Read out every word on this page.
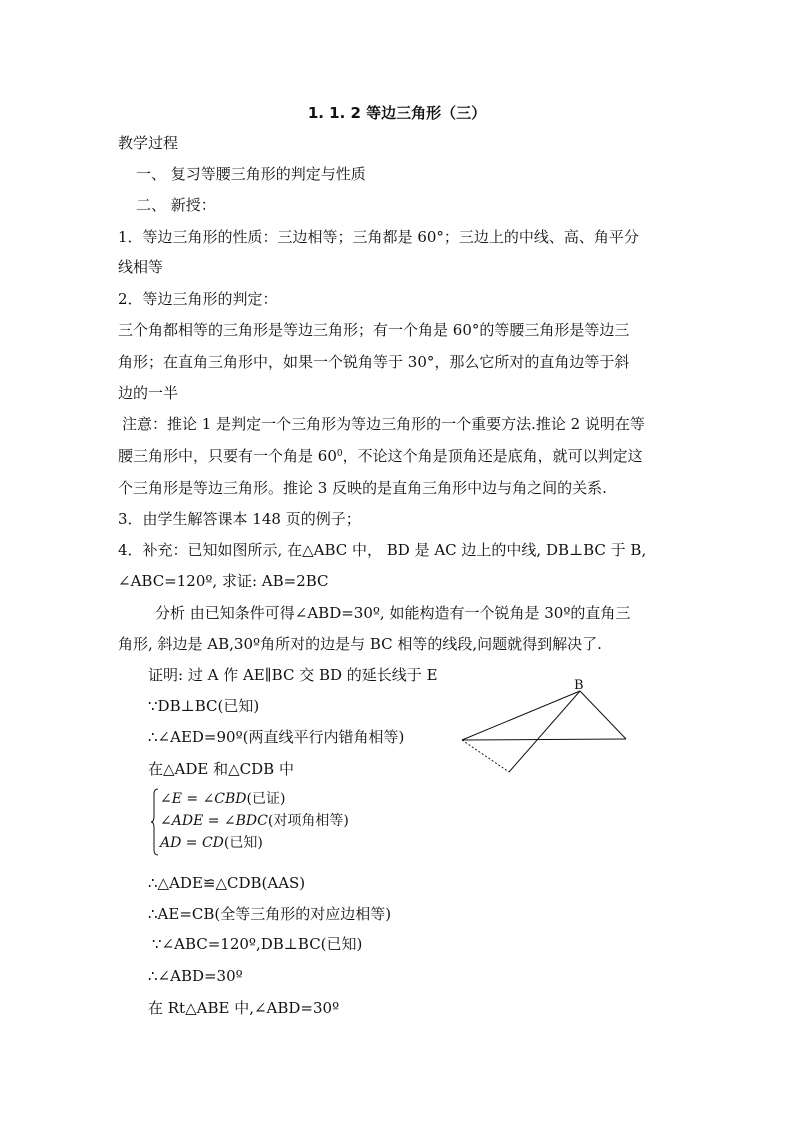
1. 1. 2 等边三角形（三）
教学过程
一、 复习等腰三角形的判定与性质
二、 新授：
1．等边三角形的性质：三边相等；三角都是 60°；三边上的中线、高、角平分
线相等
2．等边三角形的判定：
三个角都相等的三角形是等边三角形；有一个角是 60°的等腰三角形是等边三
角形；在直角三角形中，如果一个锐角等于 30°，那么它所对的直角边等于斜
边的一半
注意：推论 1 是判定一个三角形为等边三角形的一个重要方法.推论 2 说明在等
腰三角形中，只要有一个角是 $60^0$，不论这个角是顶角还是底角，就可以判定这
个三角形是等边三角形。推论 3 反映的是直角三角形中边与角之间的关系.
3．由学生解答课本 148 页的例子；
4．补充：已知如图所示, 在△ABC 中， BD 是 AC 边上的中线, DB⊥BC 于 B,
∠ABC=120º, 求证: AB=2BC
分析 由已知条件可得∠ABD=30º, 如能构造有一个锐角是 30º的直角三
角形, 斜边是 AB,30º角所对的边是与 BC 相等的线段,问题就得到解决了.
证明: 过 A 作 AE∥BC 交 BD 的延长线于 E
∵DB⊥BC(已知)
∴∠AED=90º(两直线平行内错角相等)
在△ADE 和△CDB 中
∠E = ∠CBD(已证)
∠ADE = ∠BDC(对项角相等)
AD = CD(已知)
∴△ADE≌△CDB(AAS)
∴AE=CB(全等三角形的对应边相等)
∵∠ABC=120º,DB⊥BC(已知)
∴∠ABD=30º
在 Rt△ABE 中,∠ABD=30º
B
